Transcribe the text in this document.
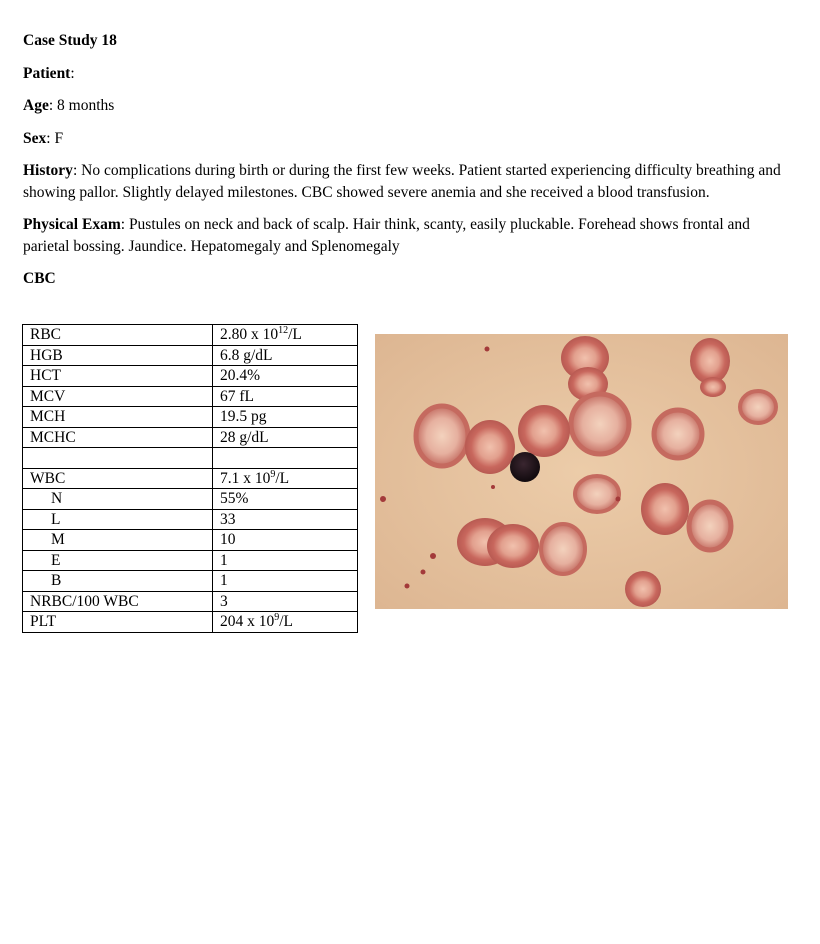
Case Study 18
Patient:
Age: 8 months
Sex: F
History: No complications during birth or during the first few weeks. Patient started experiencing difficulty breathing and showing pallor. Slightly delayed milestones. CBC showed severe anemia and she received a blood transfusion.
Physical Exam: Pustules on neck and back of scalp. Hair think, scanty, easily pluckable. Forehead shows frontal and parietal bossing. Jaundice. Hepatomegaly and Splenomegaly
CBC
RBC	2.80 x $10^{12}/L$
HGB	6.8 g/dL
HCT	20.4%
MCV	67 fL
MCH	19.5 pg
MCHC	28 g/dL

WBC	7.1 x $10^9/L$
N	55%
L	33
M	10
E	1
B	1
NRBC/100 WBC	3
PLT	204 x $10^9/L$
